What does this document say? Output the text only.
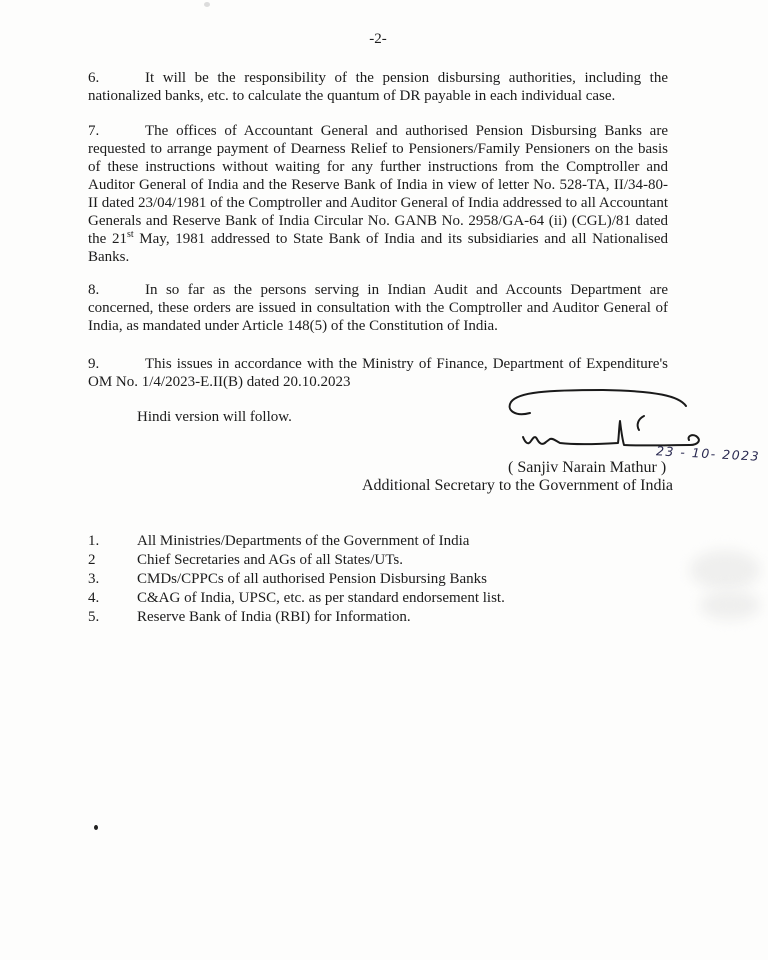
-2-

6.	It will be the responsibility of the pension disbursing authorities, including the nationalized banks, etc. to calculate the quantum of DR payable in each individual case.

7.	The offices of Accountant General and authorised Pension Disbursing Banks are requested to arrange payment of Dearness Relief to Pensioners/Family Pensioners on the basis of these instructions without waiting for any further instructions from the Comptroller and Auditor General of India and the Reserve Bank of India in view of letter No. 528-TA, II/34-80-II dated 23/04/1981 of the Comptroller and Auditor General of India addressed to all Accountant Generals and Reserve Bank of India Circular No. GANB No. 2958/GA-64 (ii) (CGL)/81 dated the 21st May, 1981 addressed to State Bank of India and its subsidiaries and all Nationalised Banks.

8.	In so far as the persons serving in Indian Audit and Accounts Department are concerned, these orders are issued in consultation with the Comptroller and Auditor General of India, as mandated under Article 148(5) of the Constitution of India.

9.	This issues in accordance with the Ministry of Finance, Department of Expenditure's OM No. 1/4/2023-E.II(B) dated 20.10.2023

Hindi version will follow.
1.	All Ministries/Departments of the Government of India
2	Chief Secretaries and AGs of all States/UTs.
3.	CMDs/CPPCs of all authorised Pension Disbursing Banks
4.	C&AG of India, UPSC, etc. as per standard endorsement list.
5.	Reserve Bank of India (RBI) for Information.
23 - 10- 2023
( Sanjiv Narain Mathur )
Additional Secretary to the Government of India
